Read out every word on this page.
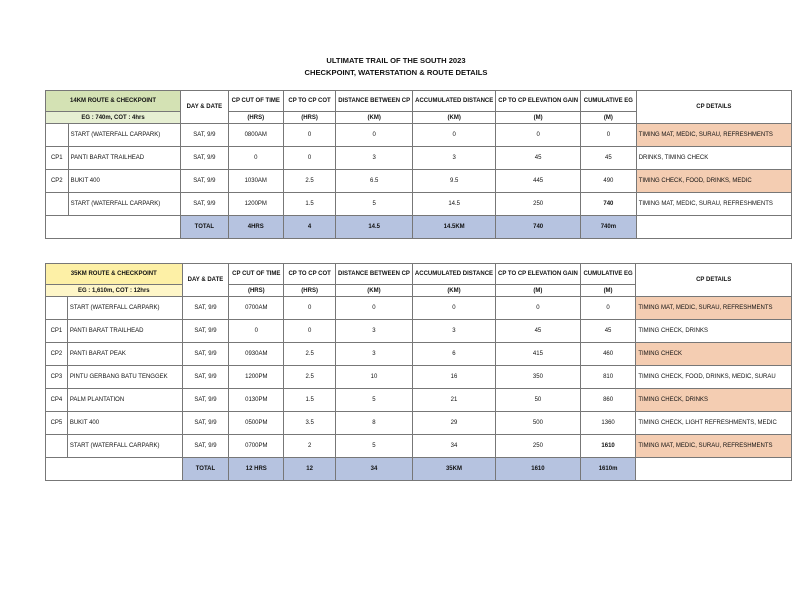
ULTIMATE TRAIL OF THE SOUTH 2023
CHECKPOINT, WATERSTATION & ROUTE DETAILS
14KM ROUTE & CHECKPOINT		DAY & DATE	CP CUT OF TIME	CP TO CP COT	DISTANCE BETWEEN CP	ACCUMULATED DISTANCE	CP TO CP ELEVATION GAIN	CUMULATIVE EG	CP DETAILS
EG : 740m, COT : 4hrs			(HRS)	(HRS)	(KM)	(KM)	(M)	(M)	
	START (WATERFALL CARPARK)	SAT, 9/9	0800AM	0	0	0	0	0	TIMING MAT, MEDIC, SURAU, REFRESHMENTS
CP1	PANTI BARAT TRAILHEAD	SAT, 9/9	0	0	3	3	45	45	DRINKS, TIMING CHECK
CP2	BUKIT 400	SAT, 9/9	1030AM	2.5	6.5	9.5	445	490	TIMING CHECK, FOOD, DRINKS, MEDIC
	START (WATERFALL CARPARK)	SAT, 9/9	1200PM	1.5	5	14.5	250	740	TIMING MAT, MEDIC, SURAU, REFRESHMENTS
		TOTAL	4HRS	4	14.5	14.5KM	740	740m	
35KM ROUTE & CHECKPOINT		DAY & DATE	CP CUT OF TIME	CP TO CP COT	DISTANCE BETWEEN CP	ACCUMULATED DISTANCE	CP TO CP ELEVATION GAIN	CUMULATIVE EG	CP DETAILS
EG : 1,610m, COT : 12hrs			(HRS)	(HRS)	(KM)	(KM)	(M)	(M)	
	START (WATERFALL CARPARK)	SAT, 9/9	0700AM	0	0	0	0	0	TIMING MAT, MEDIC, SURAU, REFRESHMENTS
CP1	PANTI BARAT TRAILHEAD	SAT, 9/9	0	0	3	3	45	45	TIMING CHECK, DRINKS
CP2	PANTI BARAT PEAK	SAT, 9/9	0930AM	2.5	3	6	415	460	TIMING CHECK
CP3	PINTU GERBANG BATU TENGGEK	SAT, 9/9	1200PM	2.5	10	16	350	810	TIMING CHECK, FOOD, DRINKS, MEDIC, SURAU
CP4	PALM PLANTATION	SAT, 9/9	0130PM	1.5	5	21	50	860	TIMING CHECK, DRINKS
CP5	BUKIT 400	SAT, 9/9	0500PM	3.5	8	29	500	1360	TIMING CHECK, LIGHT REFRESHMENTS, MEDIC
	START (WATERFALL CARPARK)	SAT, 9/9	0700PM	2	5	34	250	1610	TIMING MAT, MEDIC, SURAU, REFRESHMENTS
		TOTAL	12 HRS	12	34	35KM	1610	1610m	
